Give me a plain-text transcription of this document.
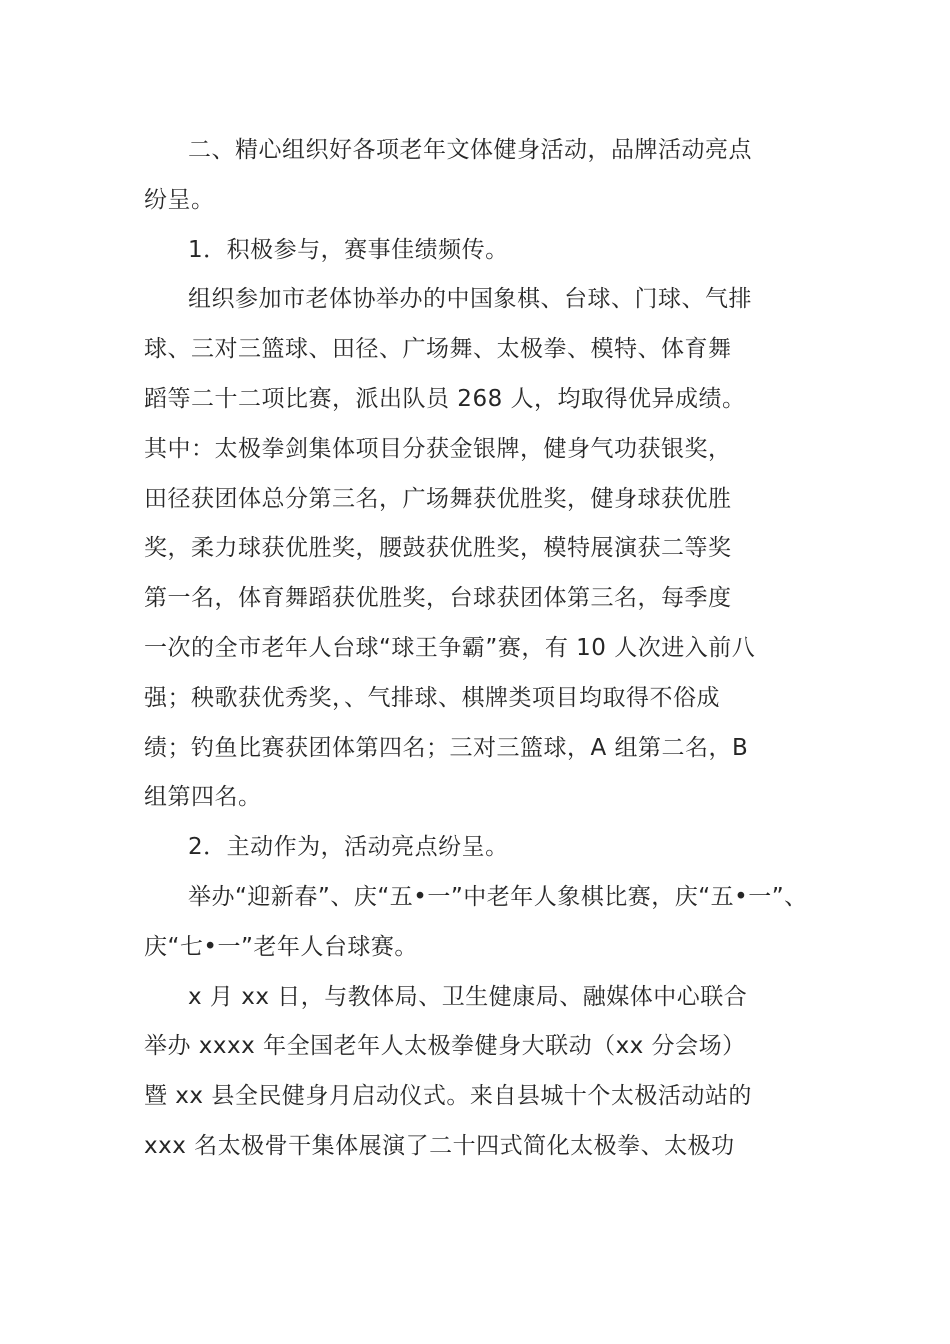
二、精心组织好各项老年文体健身活动，品牌活动亮点
纷呈。
1．积极参与，赛事佳绩频传。
组织参加市老体协举办的中国象棋、台球、门球、气排
球、三对三篮球、田径、广场舞、太极拳、模特、体育舞
蹈等二十二项比赛，派出队员 268 人，均取得优异成绩。
其中：太极拳剑集体项目分获金银牌，健身气功获银奖，
田径获团体总分第三名，广场舞获优胜奖，健身球获优胜
奖，柔力球获优胜奖，腰鼓获优胜奖，模特展演获二等奖
第一名，体育舞蹈获优胜奖，台球获团体第三名，每季度
一次的全市老年人台球“球王争霸”赛，有 10 人次进入前八
强；秧歌获优秀奖，、气排球、棋牌类项目均取得不俗成
绩；钓鱼比赛获团体第四名；三对三篮球，A 组第二名，B
组第四名。
2．主动作为，活动亮点纷呈。
举办“迎新春”、庆“五•一”中老年人象棋比赛，庆“五•一”、
庆“七•一”老年人台球赛。
x 月 xx 日，与教体局、卫生健康局、融媒体中心联合
举办 xxxx 年全国老年人太极拳健身大联动（xx 分会场）
暨 xx 县全民健身月启动仪式。来自县城十个太极活动站的
xxx 名太极骨干集体展演了二十四式简化太极拳、太极功
